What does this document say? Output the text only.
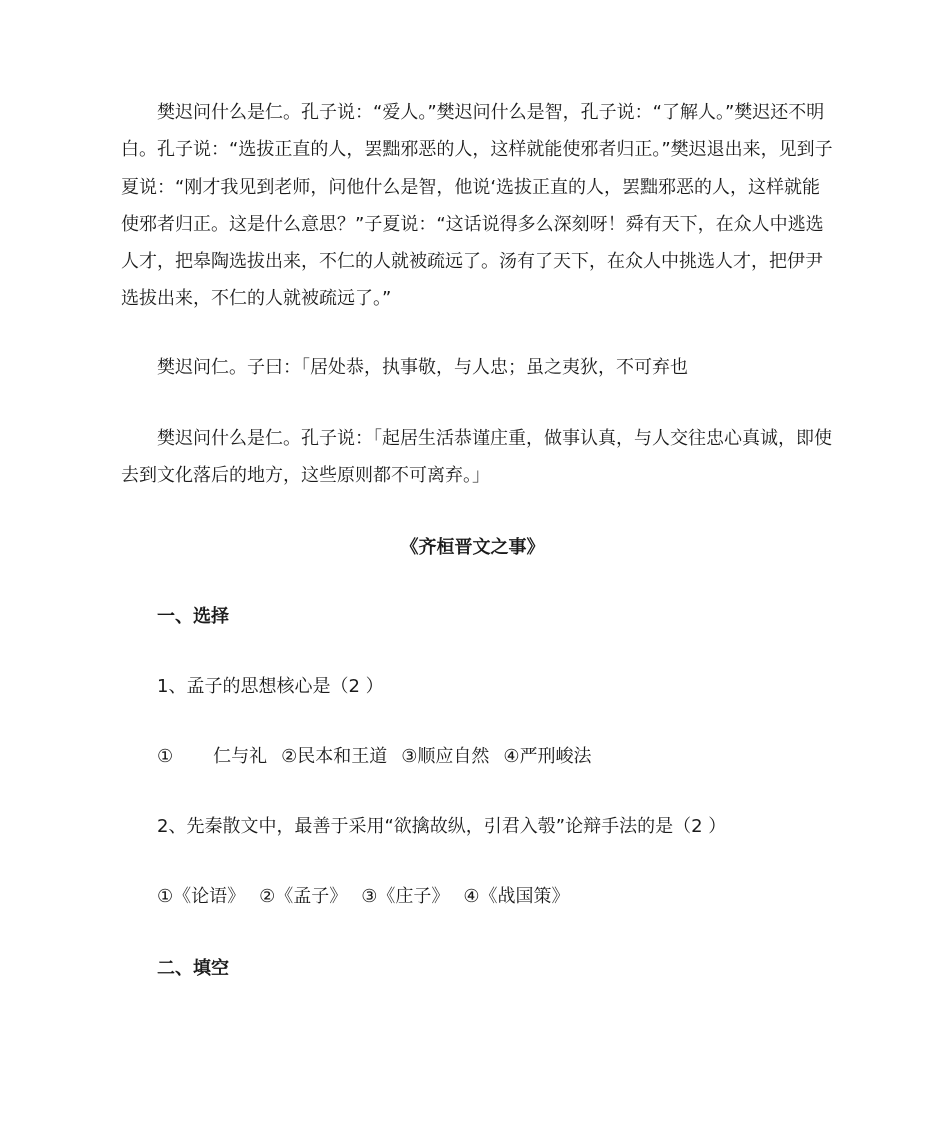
樊迟问什么是仁。孔子说：“爱人。”樊迟问什么是智，孔子说：“了解人。”樊迟还不明白。孔子说：“选拔正直的人，罢黜邪恶的人，这样就能使邪者归正。”樊迟退出来，见到子夏说：“刚才我见到老师，问他什么是智，他说‘选拔正直的人，罢黜邪恶的人，这样就能使邪者归正。这是什么意思？”子夏说：“这话说得多么深刻呀！舜有天下，在众人中逃选人才，把皋陶选拔出来，不仁的人就被疏远了。汤有了天下，在众人中挑选人才，把伊尹选拔出来，不仁的人就被疏远了。”

樊迟问仁。子曰：「居处恭，执事敬，与人忠；虽之夷狄，不可弃也

樊迟问什么是仁。孔子说：「起居生活恭谨庄重，做事认真，与人交往忠心真诚，即使去到文化落后的地方，这些原则都不可离弃。」

《齐桓晋文之事》

一、选择

1、孟子的思想核心是（2 ）

① 仁与礼 ②民本和王道 ③顺应自然 ④严刑峻法

2、先秦散文中，最善于采用“欲擒故纵，引君入彀”论辩手法的是（2 ）

①《论语》 ②《孟子》 ③《庄子》 ④《战国策》

二、填空
